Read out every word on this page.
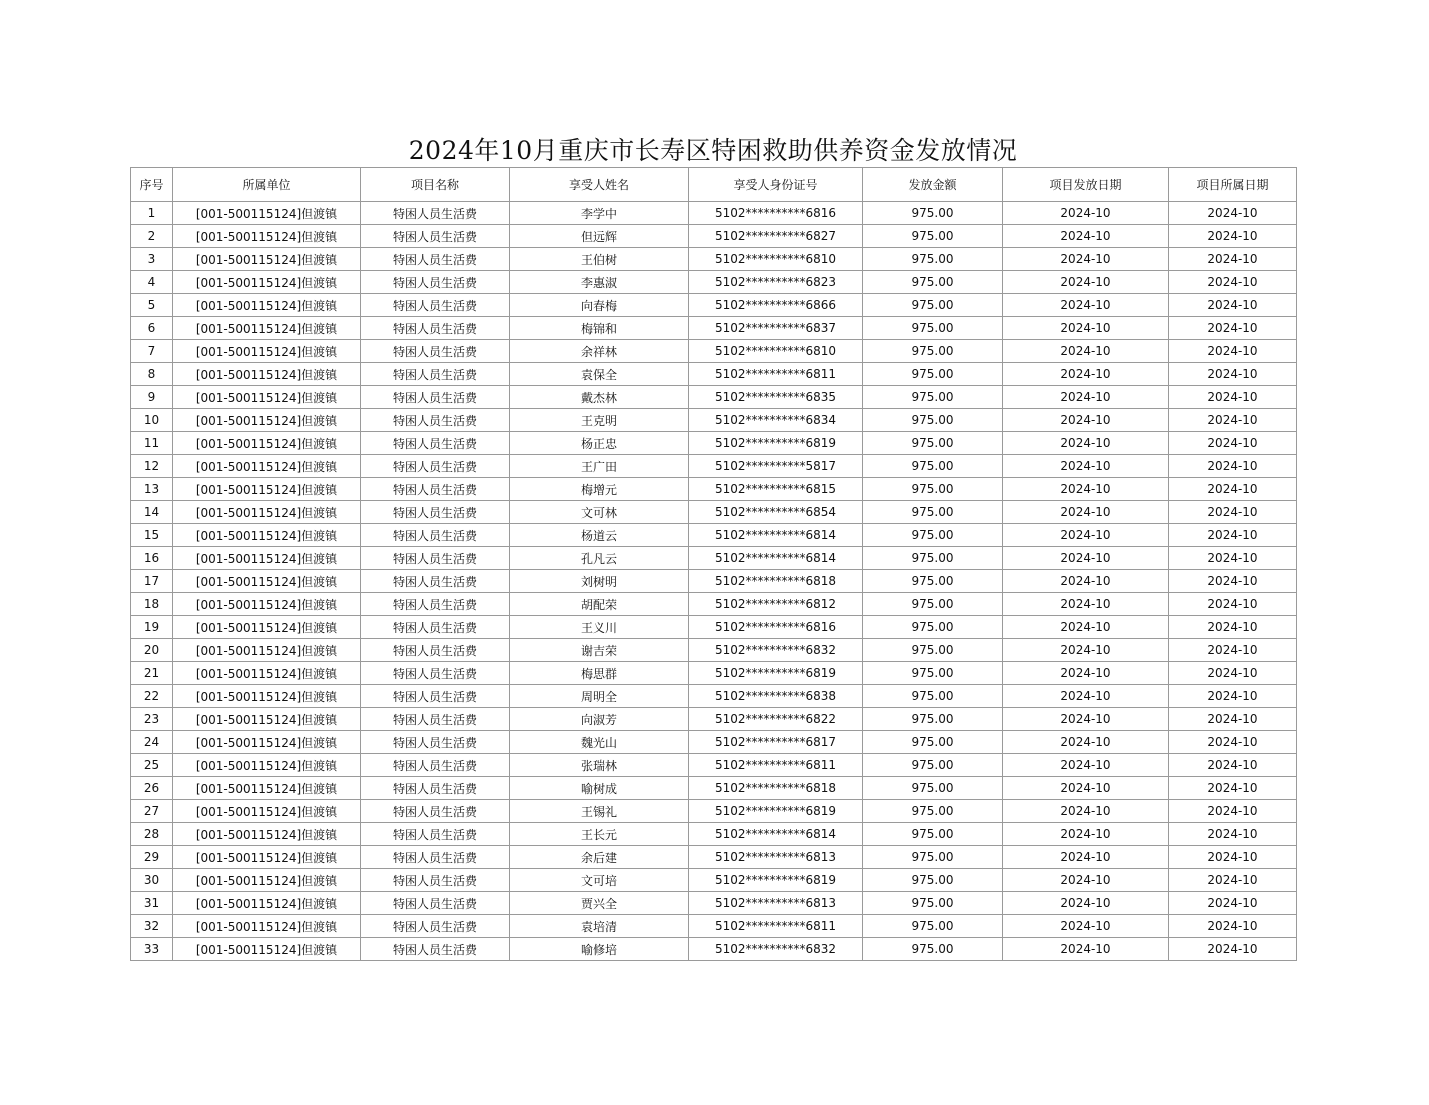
2024年10月重庆市长寿区特困救助供养资金发放情况
序号	所属单位	项目名称	享受人姓名	享受人身份证号	发放金额	项目发放日期	项目所属日期
1	[001-500115124]但渡镇	特困人员生活费	李学中	5102**********6816	975.00	2024-10	2024-10
2	[001-500115124]但渡镇	特困人员生活费	但远辉	5102**********6827	975.00	2024-10	2024-10
3	[001-500115124]但渡镇	特困人员生活费	王伯树	5102**********6810	975.00	2024-10	2024-10
4	[001-500115124]但渡镇	特困人员生活费	李惠淑	5102**********6823	975.00	2024-10	2024-10
5	[001-500115124]但渡镇	特困人员生活费	向春梅	5102**********6866	975.00	2024-10	2024-10
6	[001-500115124]但渡镇	特困人员生活费	梅锦和	5102**********6837	975.00	2024-10	2024-10
7	[001-500115124]但渡镇	特困人员生活费	余祥林	5102**********6810	975.00	2024-10	2024-10
8	[001-500115124]但渡镇	特困人员生活费	袁保全	5102**********6811	975.00	2024-10	2024-10
9	[001-500115124]但渡镇	特困人员生活费	戴杰林	5102**********6835	975.00	2024-10	2024-10
10	[001-500115124]但渡镇	特困人员生活费	王克明	5102**********6834	975.00	2024-10	2024-10
11	[001-500115124]但渡镇	特困人员生活费	杨正忠	5102**********6819	975.00	2024-10	2024-10
12	[001-500115124]但渡镇	特困人员生活费	王广田	5102**********5817	975.00	2024-10	2024-10
13	[001-500115124]但渡镇	特困人员生活费	梅增元	5102**********6815	975.00	2024-10	2024-10
14	[001-500115124]但渡镇	特困人员生活费	文可林	5102**********6854	975.00	2024-10	2024-10
15	[001-500115124]但渡镇	特困人员生活费	杨道云	5102**********6814	975.00	2024-10	2024-10
16	[001-500115124]但渡镇	特困人员生活费	孔凡云	5102**********6814	975.00	2024-10	2024-10
17	[001-500115124]但渡镇	特困人员生活费	刘树明	5102**********6818	975.00	2024-10	2024-10
18	[001-500115124]但渡镇	特困人员生活费	胡配荣	5102**********6812	975.00	2024-10	2024-10
19	[001-500115124]但渡镇	特困人员生活费	王义川	5102**********6816	975.00	2024-10	2024-10
20	[001-500115124]但渡镇	特困人员生活费	谢吉荣	5102**********6832	975.00	2024-10	2024-10
21	[001-500115124]但渡镇	特困人员生活费	梅思群	5102**********6819	975.00	2024-10	2024-10
22	[001-500115124]但渡镇	特困人员生活费	周明全	5102**********6838	975.00	2024-10	2024-10
23	[001-500115124]但渡镇	特困人员生活费	向淑芳	5102**********6822	975.00	2024-10	2024-10
24	[001-500115124]但渡镇	特困人员生活费	魏光山	5102**********6817	975.00	2024-10	2024-10
25	[001-500115124]但渡镇	特困人员生活费	张瑞林	5102**********6811	975.00	2024-10	2024-10
26	[001-500115124]但渡镇	特困人员生活费	喻树成	5102**********6818	975.00	2024-10	2024-10
27	[001-500115124]但渡镇	特困人员生活费	王锡礼	5102**********6819	975.00	2024-10	2024-10
28	[001-500115124]但渡镇	特困人员生活费	王长元	5102**********6814	975.00	2024-10	2024-10
29	[001-500115124]但渡镇	特困人员生活费	余后建	5102**********6813	975.00	2024-10	2024-10
30	[001-500115124]但渡镇	特困人员生活费	文可培	5102**********6819	975.00	2024-10	2024-10
31	[001-500115124]但渡镇	特困人员生活费	贾兴全	5102**********6813	975.00	2024-10	2024-10
32	[001-500115124]但渡镇	特困人员生活费	袁培清	5102**********6811	975.00	2024-10	2024-10
33	[001-500115124]但渡镇	特困人员生活费	喻修培	5102**********6832	975.00	2024-10	2024-10
